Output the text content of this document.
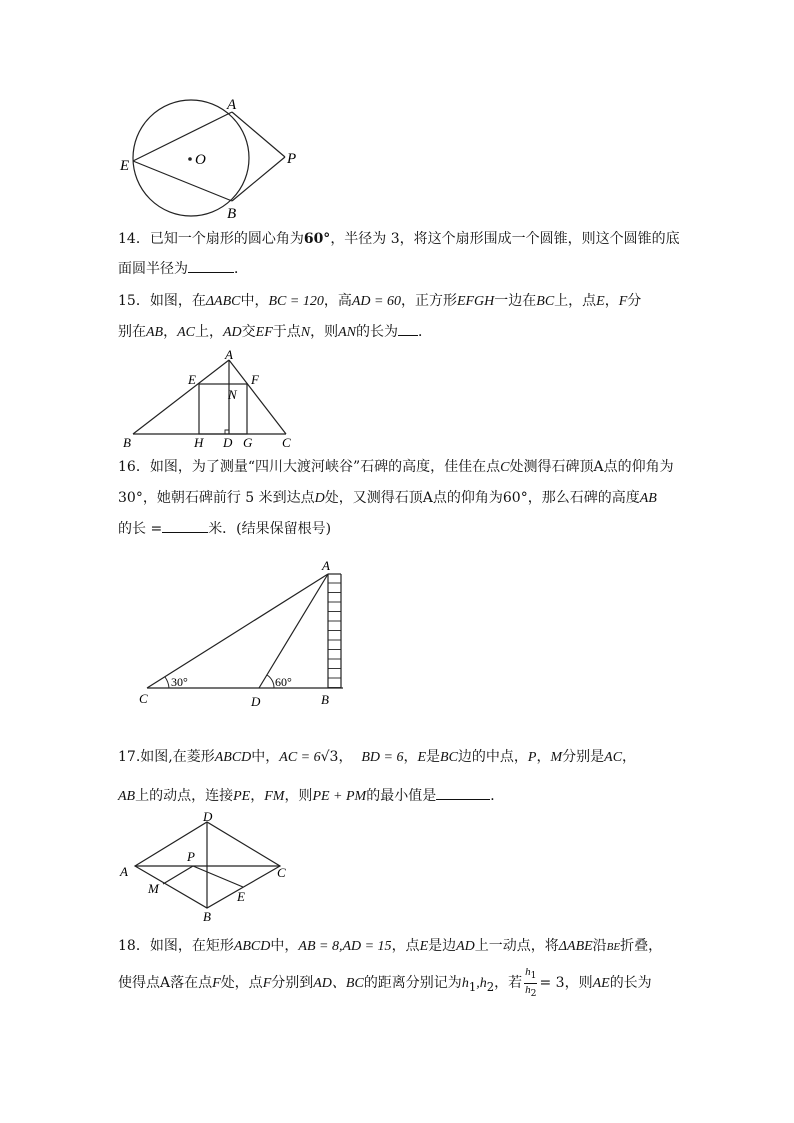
A
B
E	O	P
14．已知一个扇形的圆心角为60°，半径为 3，将这个扇形围成一个圆锥，则这个圆锥的底
面圆半径为	．
15．如图，在ΔABC中，BC = 120，高AD = 60，正方形EFGH一边在BC上，点E，F分
别在AB，AC上，AD交EF于点N，则AN的长为 ．
A
E	F
N
B	H D G C
16．如图，为了测量“四川大渡河峡谷”石碑的高度，佳佳在点C处测得石碑顶A点的仰角为
30°，她朝石碑前行 5 米到达点D处，又测得石顶A点的仰角为60°，那么石碑的高度AB
的长 =	米．(结果保留根号)
30°	60°
A
C	D	B
17.如图,在菱形ABCD中，AC = 6√3， BD = 6，E是BC边的中点，P，M分别是AC，
AB上的动点，连接PE，FM，则PE + PM的最小值是	．
D
A	C
B
P
M
E
18．如图，在矩形ABCD中，AB = 8,AD = 15，点E是边AD上一动点，将ΔABE沿BE折叠，
使得点A落在点F处，点F分别到AD、BC的距离分别记为$h_1,h_2$，若 $\frac{h_1}{h_2} = 3$，则AE的长为
